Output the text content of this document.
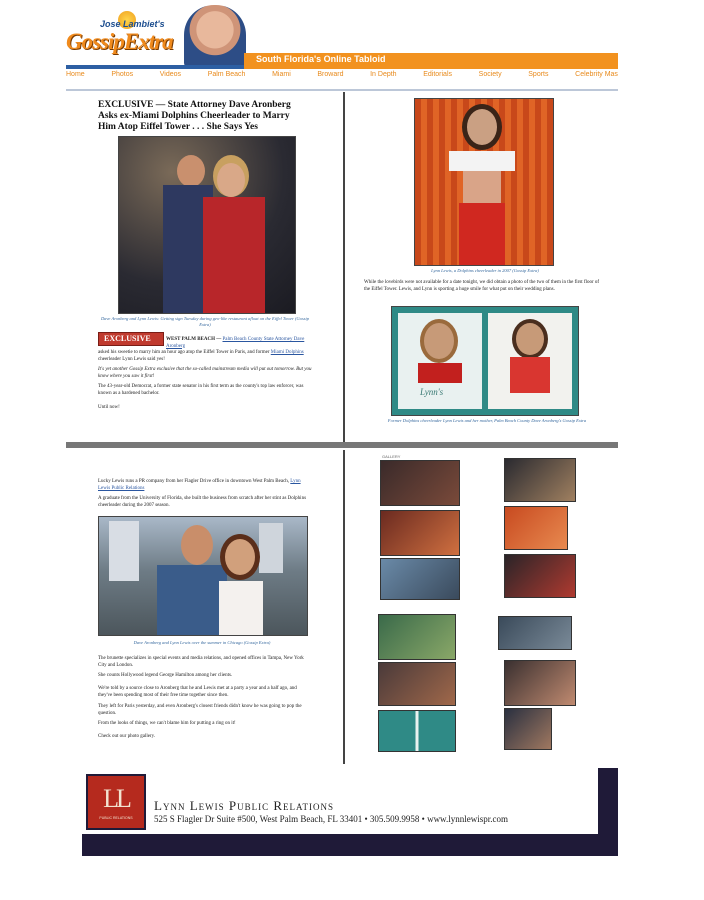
Jose Lambiet's
GossipExtra
South Florida's Online Tabloid
Home	Photos	Videos	Palm Beach	Miami	Broward	In Depth	Editorials	Society	Sports	Celebrity Mas
EXCLUSIVE — State Attorney Dave Aronberg Asks ex-Miami Dolphins Cheerleader to Marry Him Atop Eiffel Tower . . . She Says Yes
Dave Aronberg and Lynn Lewis: Getting sign Tuesday during geo-like restaurant afloat on the Eiffel Tower (Gossip Extra)
EXCLUSIVE	WEST PALM BEACH — Palm Beach County State Attorney Dave Aronberg
asked his sweetie to marry him an hour ago atop the Eiffel Tower in Paris, and former Miami Dolphins cheerleader Lynn Lewis said yes!
It's yet another Gossip Extra exclusive that the so-called mainstream media will put out tomorrow. But you know where you saw it first!
The 43-year-old Democrat, a former state senator in his first term as the county's top law enforcer, was known as a hardened bachelor.
Until now!
Lynn Lewis, a Dolphins cheerleader in 2007 (Gossip Extra)
While the lovebirds were not available for a date tonight, we did obtain a photo of the two of them in the first floor of the Eiffel Tower. Lewis, and Lynn is sporting a huge smile for what put on their wedding plans.
Lynn's
Former Dolphins cheerleader Lynn Lewis and her mother, Palm Beach County Dave Aronberg's Gossip Extra
Lucky Lewis runs a PR company from her Flagler Drive office in downtown West Palm Beach, Lynn Lewis Public Relations
A graduate from the University of Florida, she built the business from scratch after her stint as Dolphins cheerleader during the 2007 season.
Dave Aronberg and Lynn Lewis over the summer in Chicago (Gossip Extra)
The brunette specializes in special events and media relations, and opened offices in Tampa, New York City and London.
She counts Hollywood legend George Hamilton among her clients.
We're told by a source close to Aronberg that he and Lewis met at a party a year and a half ago, and they've been spending most of their free time together since then.
They left for Paris yesterday, and even Aronberg's closest friends didn't know he was going to pop the question.
From the looks of things, we can't blame him for putting a ring on it!
Check out our photo gallery.
GALLERY
LL
PUBLIC RELATIONS
Lynn Lewis Public Relations
525 S Flagler Dr Suite #500, West Palm Beach, FL 33401 • 305.509.9958 • www.lynnlewispr.com
